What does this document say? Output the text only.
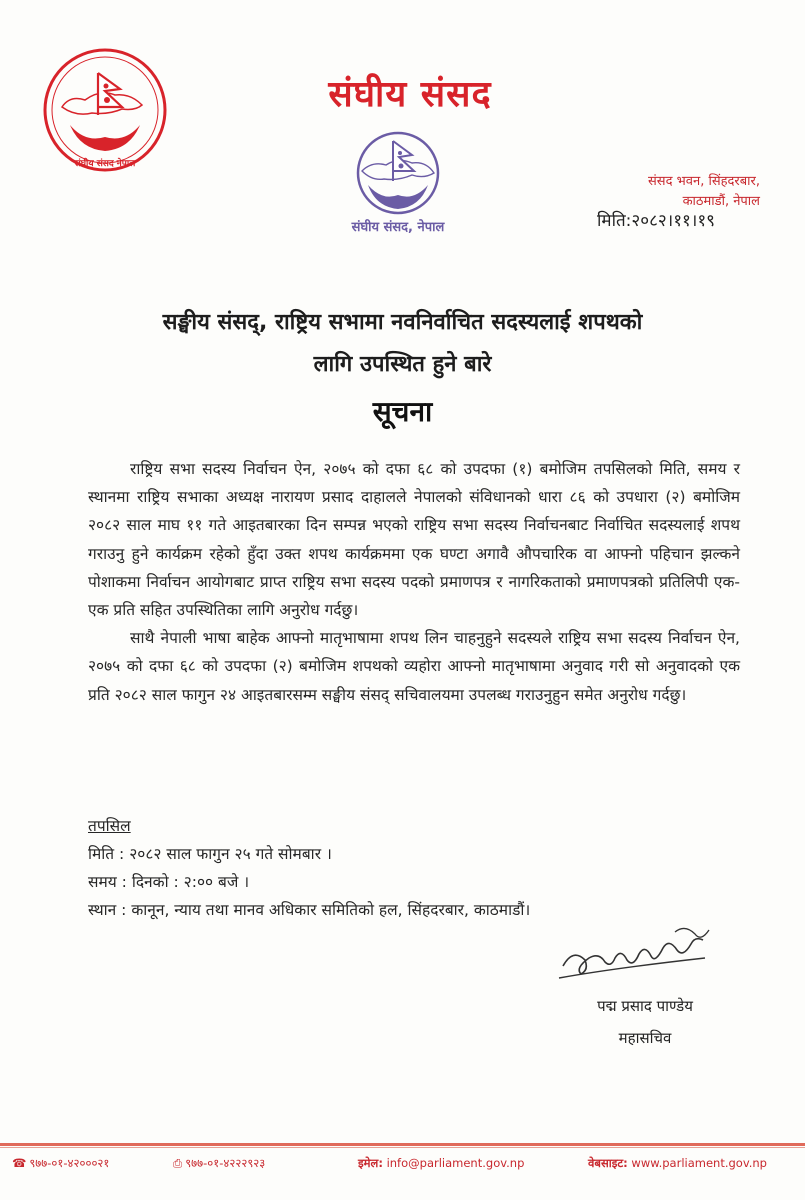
संघीय संसद नेपाल
संघीय संसद
संघीय संसद, नेपाल
संसद भवन, सिंहदरबार,
काठमाडौं, नेपाल
मिति:२०८२।११।१९
सङ्घीय संसद्, राष्ट्रिय सभामा नवनिर्वाचित सदस्यलाई शपथको
लागि उपस्थित हुने बारे
सूचना

राष्ट्रिय सभा सदस्य निर्वाचन ऐन, २०७५ को दफा ६८ को उपदफा (१) बमोजिम तपसिलको मिति, समय र स्थानमा राष्ट्रिय सभाका अध्यक्ष नारायण प्रसाद दाहालले नेपालको संविधानको धारा ८६ को उपधारा (२) बमोजिम २०८२ साल माघ ११ गते आइतबारका दिन सम्पन्न भएको राष्ट्रिय सभा सदस्य निर्वाचनबाट निर्वाचित सदस्यलाई शपथ गराउनु हुने कार्यक्रम रहेको हुँदा उक्त शपथ कार्यक्रममा एक घण्टा अगावै औपचारिक वा आफ्नो पहिचान झल्कने पोशाकमा निर्वाचन आयोगबाट प्राप्त राष्ट्रिय सभा सदस्य पदको प्रमाणपत्र र नागरिकताको प्रमाणपत्रको प्रतिलिपी एक-एक प्रति सहित उपस्थितिका लागि अनुरोध गर्दछु।

साथै नेपाली भाषा बाहेक आफ्नो मातृभाषामा शपथ लिन चाहनुहुने सदस्यले राष्ट्रिय सभा सदस्य निर्वाचन ऐन, २०७५ को दफा ६८ को उपदफा (२) बमोजिम शपथको व्यहोरा आफ्नो मातृभाषामा अनुवाद गरी सो अनुवादको एक प्रति २०८२ साल फागुन २४ आइतबारसम्म सङ्घीय संसद् सचिवालयमा उपलब्ध गराउनुहुन समेत अनुरोध गर्दछु।

तपसिल
मिति : २०८२ साल फागुन २५ गते सोमबार ।
समय : दिनको : २:०० बजे ।
स्थान : कानून, न्याय तथा मानव अधिकार समितिको हल, सिंहदरबार, काठमाडौं।
पद्म प्रसाद पाण्डेय
महासचिव
☎ ९७७-०१-४२०००२१	⎙ ९७७-०१-४२२२९२३	इमेल: info@parliament.gov.np	वेबसाइट: www.parliament.gov.np
